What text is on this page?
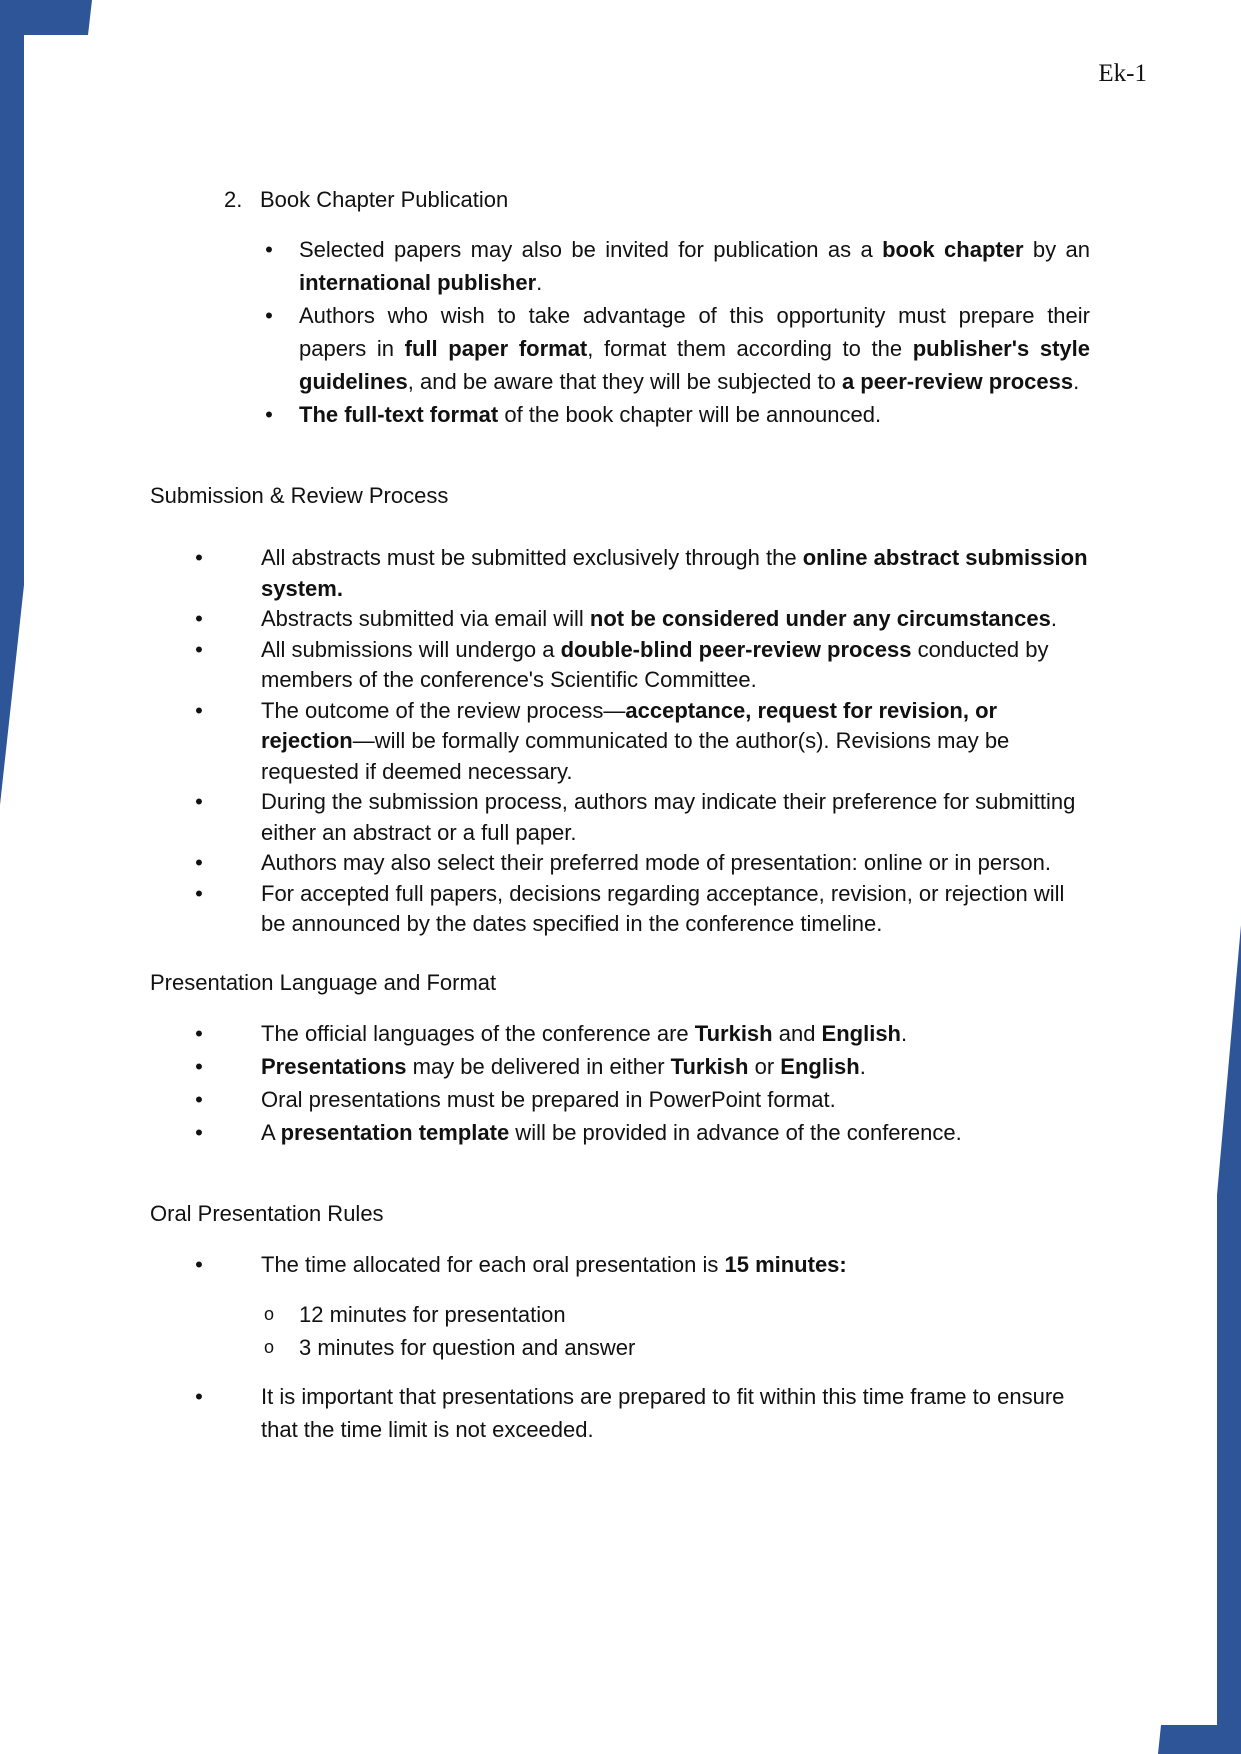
Ek-1
2. Book Chapter Publication
•	Selected papers may also be invited for publication as a book chapter by an international publisher.
•	Authors who wish to take advantage of this opportunity must prepare their papers in full paper format, format them according to the publisher's style guidelines, and be aware that they will be subjected to a peer-review process.
•	The full-text format of the book chapter will be announced.
Submission & Review Process
•	All abstracts must be submitted exclusively through the online abstract submission system.
•	Abstracts submitted via email will not be considered under any circumstances.
•	All submissions will undergo a double-blind peer-review process conducted by members of the conference's Scientific Committee.
•	The outcome of the review process—acceptance, request for revision, or rejection—will be formally communicated to the author(s). Revisions may be requested if deemed necessary.
•	During the submission process, authors may indicate their preference for submitting either an abstract or a full paper.
•	Authors may also select their preferred mode of presentation: online or in person.
•	For accepted full papers, decisions regarding acceptance, revision, or rejection will be announced by the dates specified in the conference timeline.
Presentation Language and Format
•	The official languages of the conference are Turkish and English.
•	Presentations may be delivered in either Turkish or English.
•	Oral presentations must be prepared in PowerPoint format.
•	A presentation template will be provided in advance of the conference.
Oral Presentation Rules
•	The time allocated for each oral presentation is 15 minutes:
o 12 minutes for presentation
o 3 minutes for question and answer
•	It is important that presentations are prepared to fit within this time frame to ensure that the time limit is not exceeded.
